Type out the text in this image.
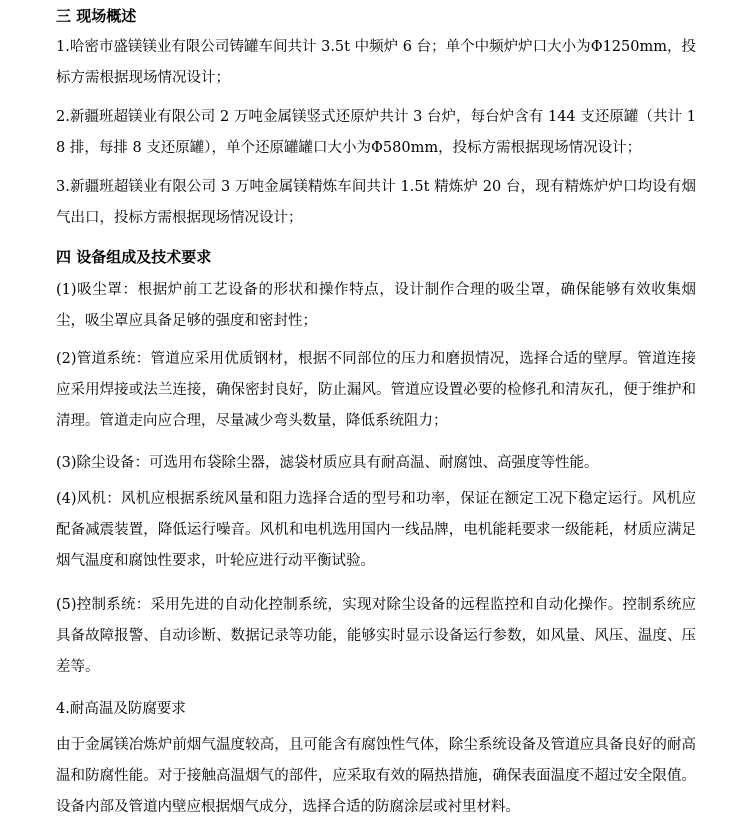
三 现场概述

1.哈密市盛镁镁业有限公司铸罐车间共计 3.5t 中频炉 6 台；单个中频炉炉口大小为Φ1250mm，投标方需根据现场情况设计；

2.新疆班超镁业有限公司 2 万吨金属镁竖式还原炉共计 3 台炉，每台炉含有 144 支还原罐（共计 18 排，每排 8 支还原罐），单个还原罐罐口大小为Φ580mm，投标方需根据现场情况设计；

3.新疆班超镁业有限公司 3 万吨金属镁精炼车间共计 1.5t 精炼炉 20 台，现有精炼炉炉口均设有烟气出口，投标方需根据现场情况设计；

四 设备组成及技术要求

(1)吸尘罩：根据炉前工艺设备的形状和操作特点，设计制作合理的吸尘罩，确保能够有效收集烟尘，吸尘罩应具备足够的强度和密封性；

(2)管道系统：管道应采用优质钢材，根据不同部位的压力和磨损情况，选择合适的壁厚。管道连接应采用焊接或法兰连接，确保密封良好，防止漏风。管道应设置必要的检修孔和清灰孔，便于维护和清理。管道走向应合理，尽量减少弯头数量，降低系统阻力；

(3)除尘设备：可选用布袋除尘器，滤袋材质应具有耐高温、耐腐蚀、高强度等性能。

(4)风机：风机应根据系统风量和阻力选择合适的型号和功率，保证在额定工况下稳定运行。风机应配备减震装置，降低运行噪音。风机和电机选用国内一线品牌，电机能耗要求一级能耗，材质应满足烟气温度和腐蚀性要求，叶轮应进行动平衡试验。

(5)控制系统：采用先进的自动化控制系统，实现对除尘设备的远程监控和自动化操作。控制系统应具备故障报警、自动诊断、数据记录等功能，能够实时显示设备运行参数，如风量、风压、温度、压差等。

4.耐高温及防腐要求

由于金属镁冶炼炉前烟气温度较高，且可能含有腐蚀性气体，除尘系统设备及管道应具备良好的耐高温和防腐性能。对于接触高温烟气的部件，应采取有效的隔热措施，确保表面温度不超过安全限值。设备内部及管道内壁应根据烟气成分，选择合适的防腐涂层或衬里材料。
